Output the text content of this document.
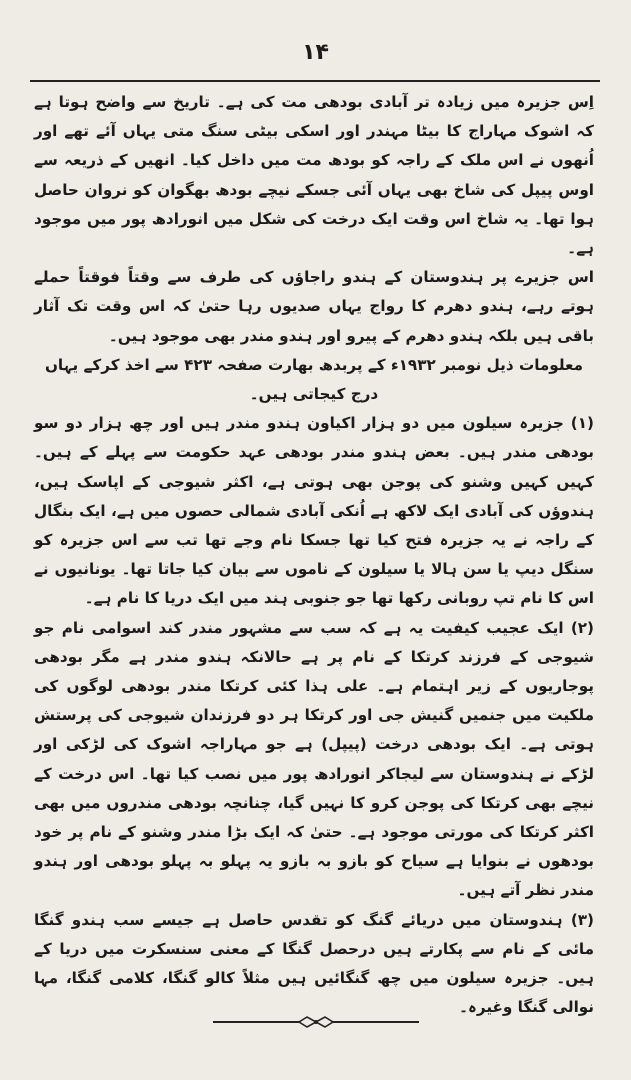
۱۴

اِس جزیرہ میں زیادہ تر آبادی بودھی مت کی ہے۔ تاریخ سے واضح ہوتا ہے کہ اشوک مہاراج کا بیٹا مہندر اور اسکی بیٹی سنگ متی یہاں آئے تھے اور اُنھوں نے اس ملک کے راجہ کو بودھ مت میں داخل کیا۔ انھیں کے ذریعہ سے اوس پیپل کی شاخ بھی یہاں آئی جسکے نیچے بودھ بھگوان کو نروان حاصل ہوا تھا۔ یہ شاخ اس وقت ایک درخت کی شکل میں انورادھ پور میں موجود ہے۔

اس جزیرے پر ہندوستان کے ہندو راجاؤں کی طرف سے وقتاً فوقتاً حملے ہوتے رہے، ہندو دھرم کا رواج یہاں صدیوں رہا حتیٰ کہ اس وقت تک آثار باقی ہیں بلکہ ہندو دھرم کے پیرو اور ہندو مندر بھی موجود ہیں۔

معلومات ذیل نومبر ۱۹۳۲ء کے پربدھ بھارت صفحہ ۴۲۳ سے اخذ کرکے یہاں درج کیجاتی ہیں۔

(۱) جزیرہ سیلون میں دو ہزار اکیاون ہندو مندر ہیں اور چھ ہزار دو سو بودھی مندر ہیں۔ بعض ہندو مندر بودھی عہد حکومت سے پہلے کے ہیں۔ کہیں کہیں وشنو کی پوجن بھی ہوتی ہے، اکثر شیوجی کے اپاسک ہیں، ہندوؤں کی آبادی ایک لاکھ ہے اُنکی آبادی شمالی حصوں میں ہے، ایک بنگال کے راجہ نے یہ جزیرہ فتح کیا تھا جسکا نام وجے تھا تب سے اس جزیرہ کو سنگل دیپ یا سن ہالا یا سیلون کے ناموں سے بیان کیا جاتا تھا۔ یونانیوں نے اس کا نام تپ روبانی رکھا تھا جو جنوبی ہند میں ایک دریا کا نام ہے۔

(۲) ایک عجیب کیفیت یہ ہے کہ سب سے مشہور مندر کند اسوامی نام جو شیوجی کے فرزند کرتکا کے نام پر ہے حالانکہ ہندو مندر ہے مگر بودھی پوجاریوں کے زیر اہتمام ہے۔ علی ہذا کئی کرتکا مندر بودھی لوگوں کی ملکیت میں جنمیں گنیش جی اور کرتکا ہر دو فرزندان شیوجی کی پرستش ہوتی ہے۔ ایک بودھی درخت (پیپل) ہے جو مہاراجہ اشوک کی لڑکی اور لڑکے نے ہندوستان سے لیجاکر انورادھ پور میں نصب کیا تھا۔ اس درخت کے نیچے بھی کرتکا کی پوجن کرو کا نہیں گیا، چنانچہ بودھی مندروں میں بھی اکثر کرتکا کی مورتی موجود ہے۔ حتیٰ کہ ایک بڑا مندر وشنو کے نام پر خود بودھوں نے بنوایا ہے سیاح کو بازو بہ بازو یہ پہلو بہ پہلو بودھی اور ہندو مندر نظر آتے ہیں۔

(۳) ہندوستان میں دریائے گنگ کو تقدس حاصل ہے جیسے سب ہندو گنگا مائی کے نام سے پکارتے ہیں درحصل گنگا کے معنی سنسکرت میں دریا کے ہیں۔ جزیرہ سیلون میں چھ گنگائیں ہیں مثلاً کالو گنگا، کلامی گنگا، مہا نوالی گنگا وغیرہ۔
